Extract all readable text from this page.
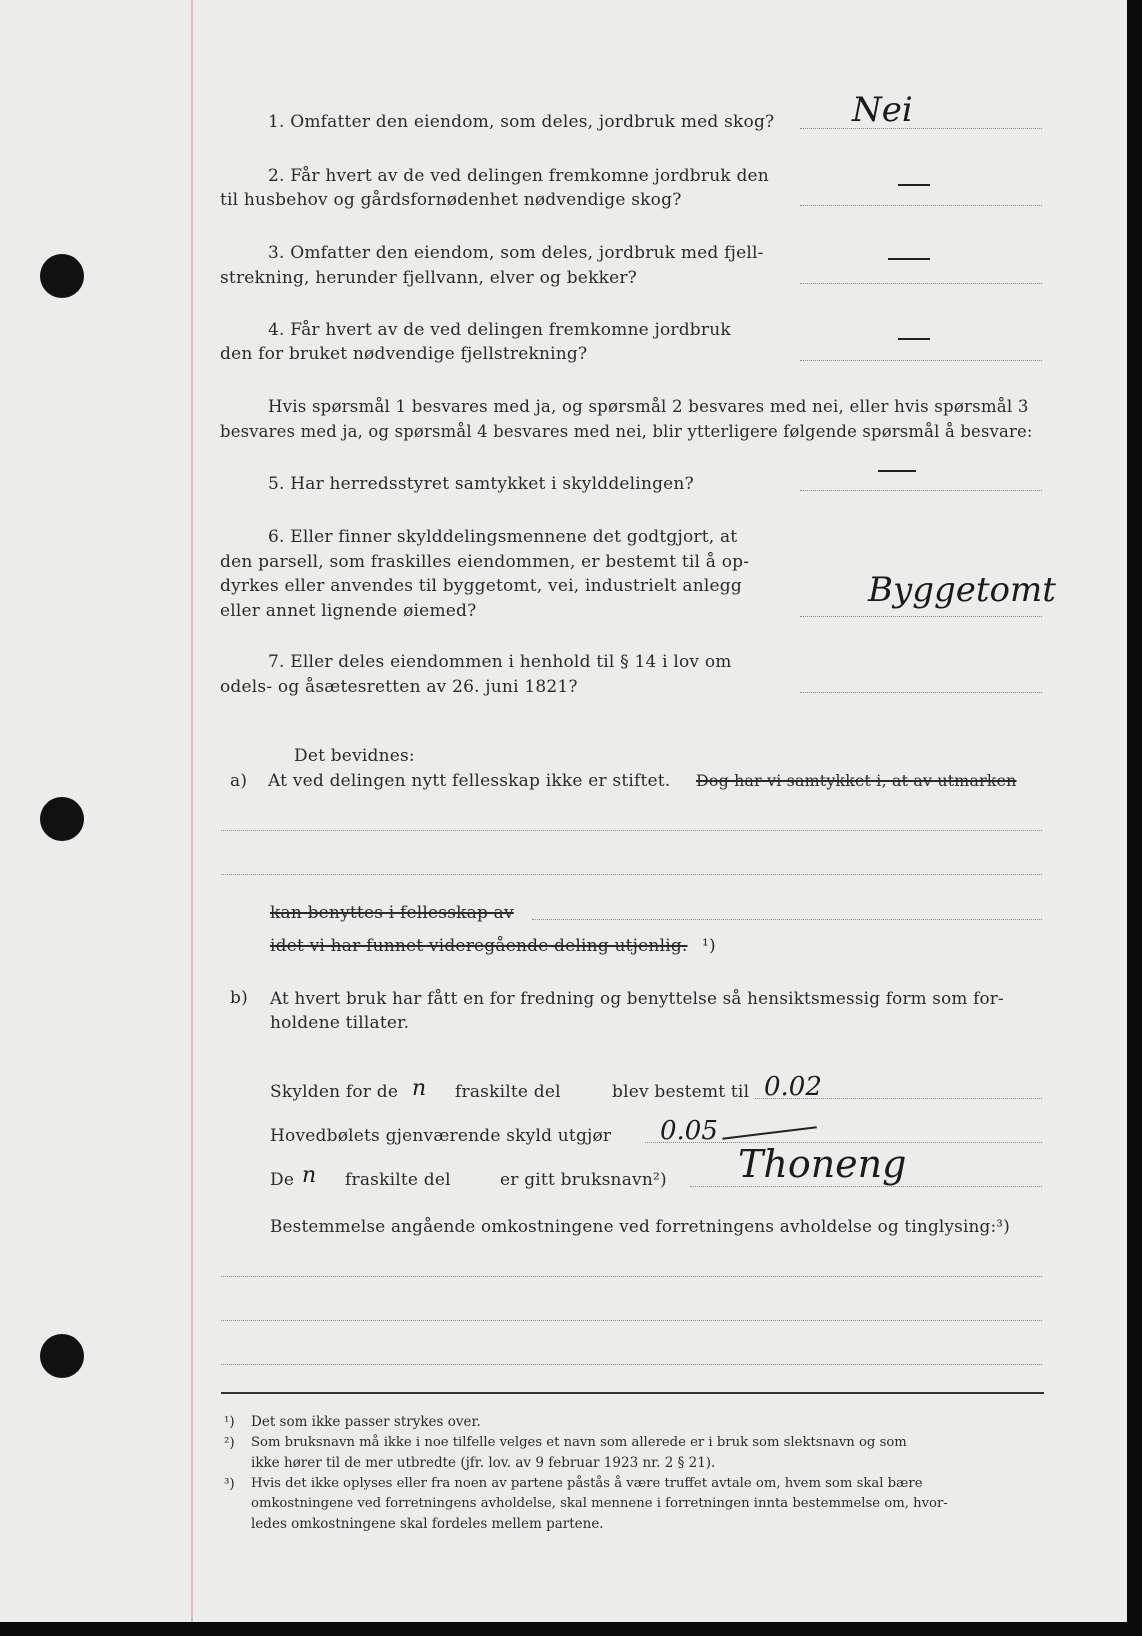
1. Omfatter den eiendom, som deles, jordbruk med skog? Nei
2. Får hvert av de ved delingen fremkomne jordbruk den
til husbehov og gårdsfornødenhet nødvendige skog?
3. Omfatter den eiendom, som deles, jordbruk med fjell-
strekning, herunder fjellvann, elver og bekker?
4. Får hvert av de ved delingen fremkomne jordbruk
den for bruket nødvendige fjellstrekning?
Hvis spørsmål 1 besvares med ja, og spørsmål 2 besvares med nei, eller hvis spørsmål 3
besvares med ja, og spørsmål 4 besvares med nei, blir ytterligere følgende spørsmål å besvare:
5. Har herredsstyret samtykket i skylddelingen?
6. Eller finner skylddelingsmennene det godtgjort, at
den parsell, som fraskilles eiendommen, er bestemt til å op-
dyrkes eller anvendes til byggetomt, vei, industrielt anlegg
eller annet lignende øiemed?
Byggetomt
7. Eller deles eiendommen i henhold til § 14 i lov om
odels- og åsætesretten av 26. juni 1821?
Det bevidnes:
a) At ved delingen nytt fellesskap ikke er stiftet. Dog har vi samtykket i, at av utmarken
kan benyttes i fellesskap av
idet vi har funnet videregående deling utjenlig. ¹)
b) At hvert bruk har fått en for fredning og benyttelse så hensiktsmessig form som for-
holdene tillater.
Skylden for de n fraskilte del	blev bestemt til 0.02
Hovedbølets gjenværende skyld utgjør 0.05
De n fraskilte del	er gitt bruksnavn²) Thoneng
Bestemmelse angående omkostningene ved forretningens avholdelse og tinglysing:³)
¹) Det som ikke passer strykes over.
²) Som bruksnavn må ikke i noe tilfelle velges et navn som allerede er i bruk som slektsnavn og som
ikke hører til de mer utbredte (jfr. lov. av 9 februar 1923 nr. 2 § 21).
³) Hvis det ikke oplyses eller fra noen av partene påstås å være truffet avtale om, hvem som skal bære
omkostningene ved forretningens avholdelse, skal mennene i forretningen innta bestemmelse om, hvor-
ledes omkostningene skal fordeles mellem partene.
